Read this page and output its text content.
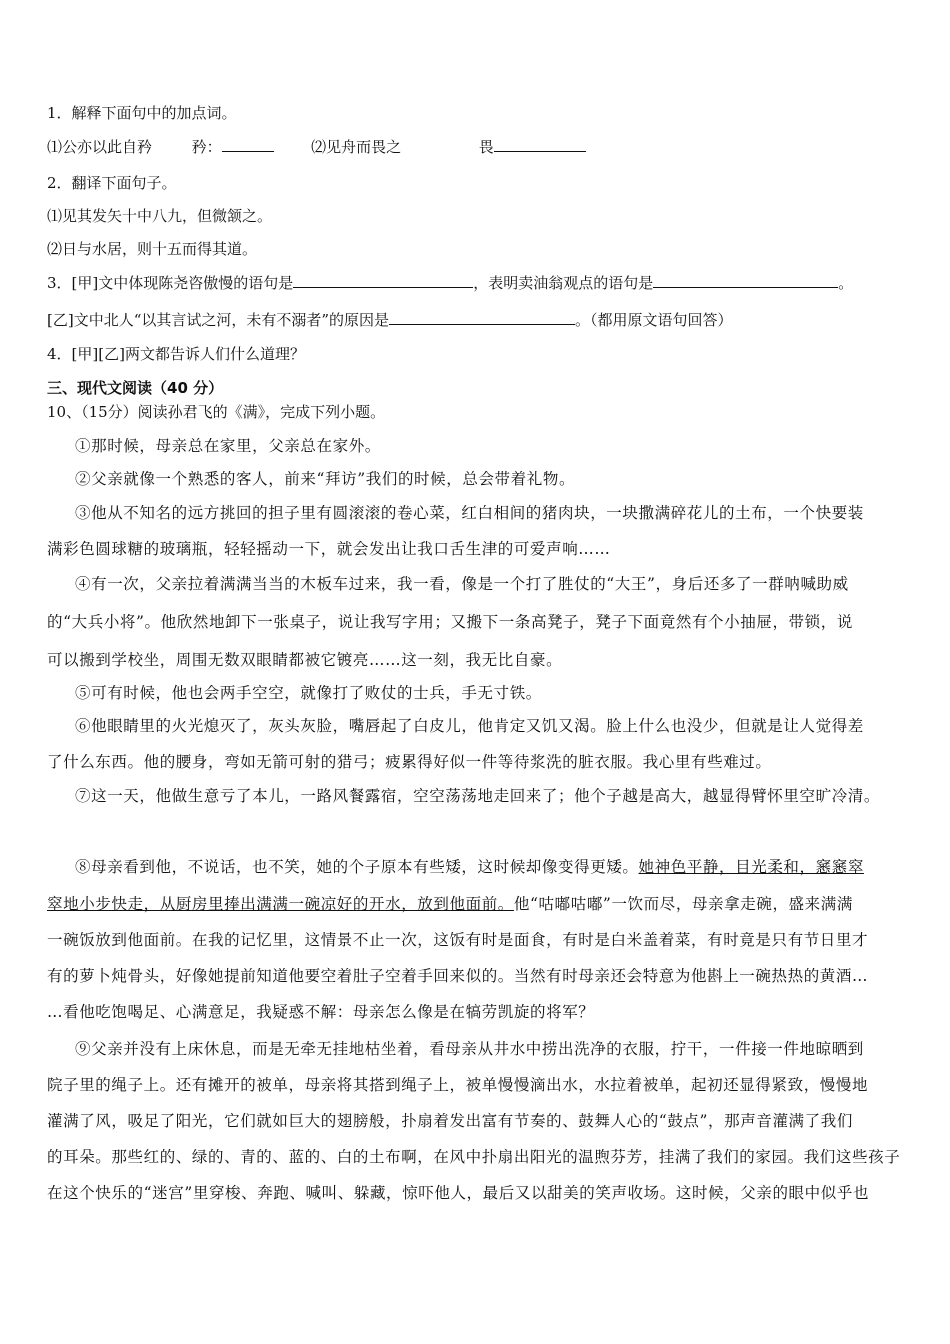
1．解释下面句中的加点词。
⑴公亦以此自矜	矜：	⑵见舟而畏之	畏
2．翻译下面句子。
⑴见其发矢十中八九，但微颔之。
⑵日与水居，则十五而得其道。
3．[甲]文中体现陈尧咨傲慢的语句是	，表明卖油翁观点的语句是	。
[乙]文中北人“以其言试之河，未有不溺者”的原因是	。（都用原文语句回答）
4．[甲][乙]两文都告诉人们什么道理？
三、现代文阅读（40 分）
10、（15分）阅读孙君飞的《满》，完成下列小题。
①那时候，母亲总在家里，父亲总在家外。
②父亲就像一个熟悉的客人，前来“拜访”我们的时候，总会带着礼物。
③他从不知名的远方挑回的担子里有圆滚滚的卷心菜，红白相间的猪肉块，一块撒满碎花儿的土布，一个快要装
满彩色圆球糖的玻璃瓶，轻轻摇动一下，就会发出让我口舌生津的可爱声响……
④有一次，父亲拉着满满当当的木板车过来，我一看，像是一个打了胜仗的“大王”，身后还多了一群呐喊助威
的“大兵小将”。他欣然地卸下一张桌子，说让我写字用；又搬下一条高凳子，凳子下面竟然有个小抽屉，带锁，说
可以搬到学校坐，周围无数双眼睛都被它镀亮……这一刻，我无比自豪。
⑤可有时候，他也会两手空空，就像打了败仗的士兵，手无寸铁。
⑥他眼睛里的火光熄灭了，灰头灰脸，嘴唇起了白皮儿，他肯定又饥又渴。脸上什么也没少，但就是让人觉得差
了什么东西。他的腰身，弯如无箭可射的猎弓；疲累得好似一件等待浆洗的脏衣服。我心里有些难过。
⑦这一天，他做生意亏了本儿，一路风餐露宿，空空荡荡地走回来了；他个子越是高大，越显得臂怀里空旷冷清。
⑧母亲看到他，不说话，也不笑，她的个子原本有些矮，这时候却像变得更矮。她神色平静，目光柔和，窸窸窣
窣地小步快走，从厨房里捧出满满一碗凉好的开水，放到他面前。他“咕嘟咕嘟”一饮而尽，母亲拿走碗，盛来满满
一碗饭放到他面前。在我的记忆里，这情景不止一次，这饭有时是面食，有时是白米盖着菜，有时竟是只有节日里才
有的萝卜炖骨头，好像她提前知道他要空着肚子空着手回来似的。当然有时母亲还会特意为他斟上一碗热热的黄酒…
…看他吃饱喝足、心满意足，我疑惑不解：母亲怎么像是在犒劳凯旋的将军？
⑨父亲并没有上床休息，而是无牵无挂地枯坐着，看母亲从井水中捞出洗净的衣服，拧干，一件接一件地晾晒到
院子里的绳子上。还有摊开的被单，母亲将其搭到绳子上，被单慢慢滴出水，水拉着被单，起初还显得紧致，慢慢地
灌满了风，吸足了阳光，它们就如巨大的翅膀般，扑扇着发出富有节奏的、鼓舞人心的“鼓点”，那声音灌满了我们
的耳朵。那些红的、绿的、青的、蓝的、白的土布啊，在风中扑扇出阳光的温煦芬芳，挂满了我们的家园。我们这些孩子
在这个快乐的“迷宫”里穿梭、奔跑、喊叫、躲藏，惊吓他人，最后又以甜美的笑声收场。这时候，父亲的眼中似乎也
